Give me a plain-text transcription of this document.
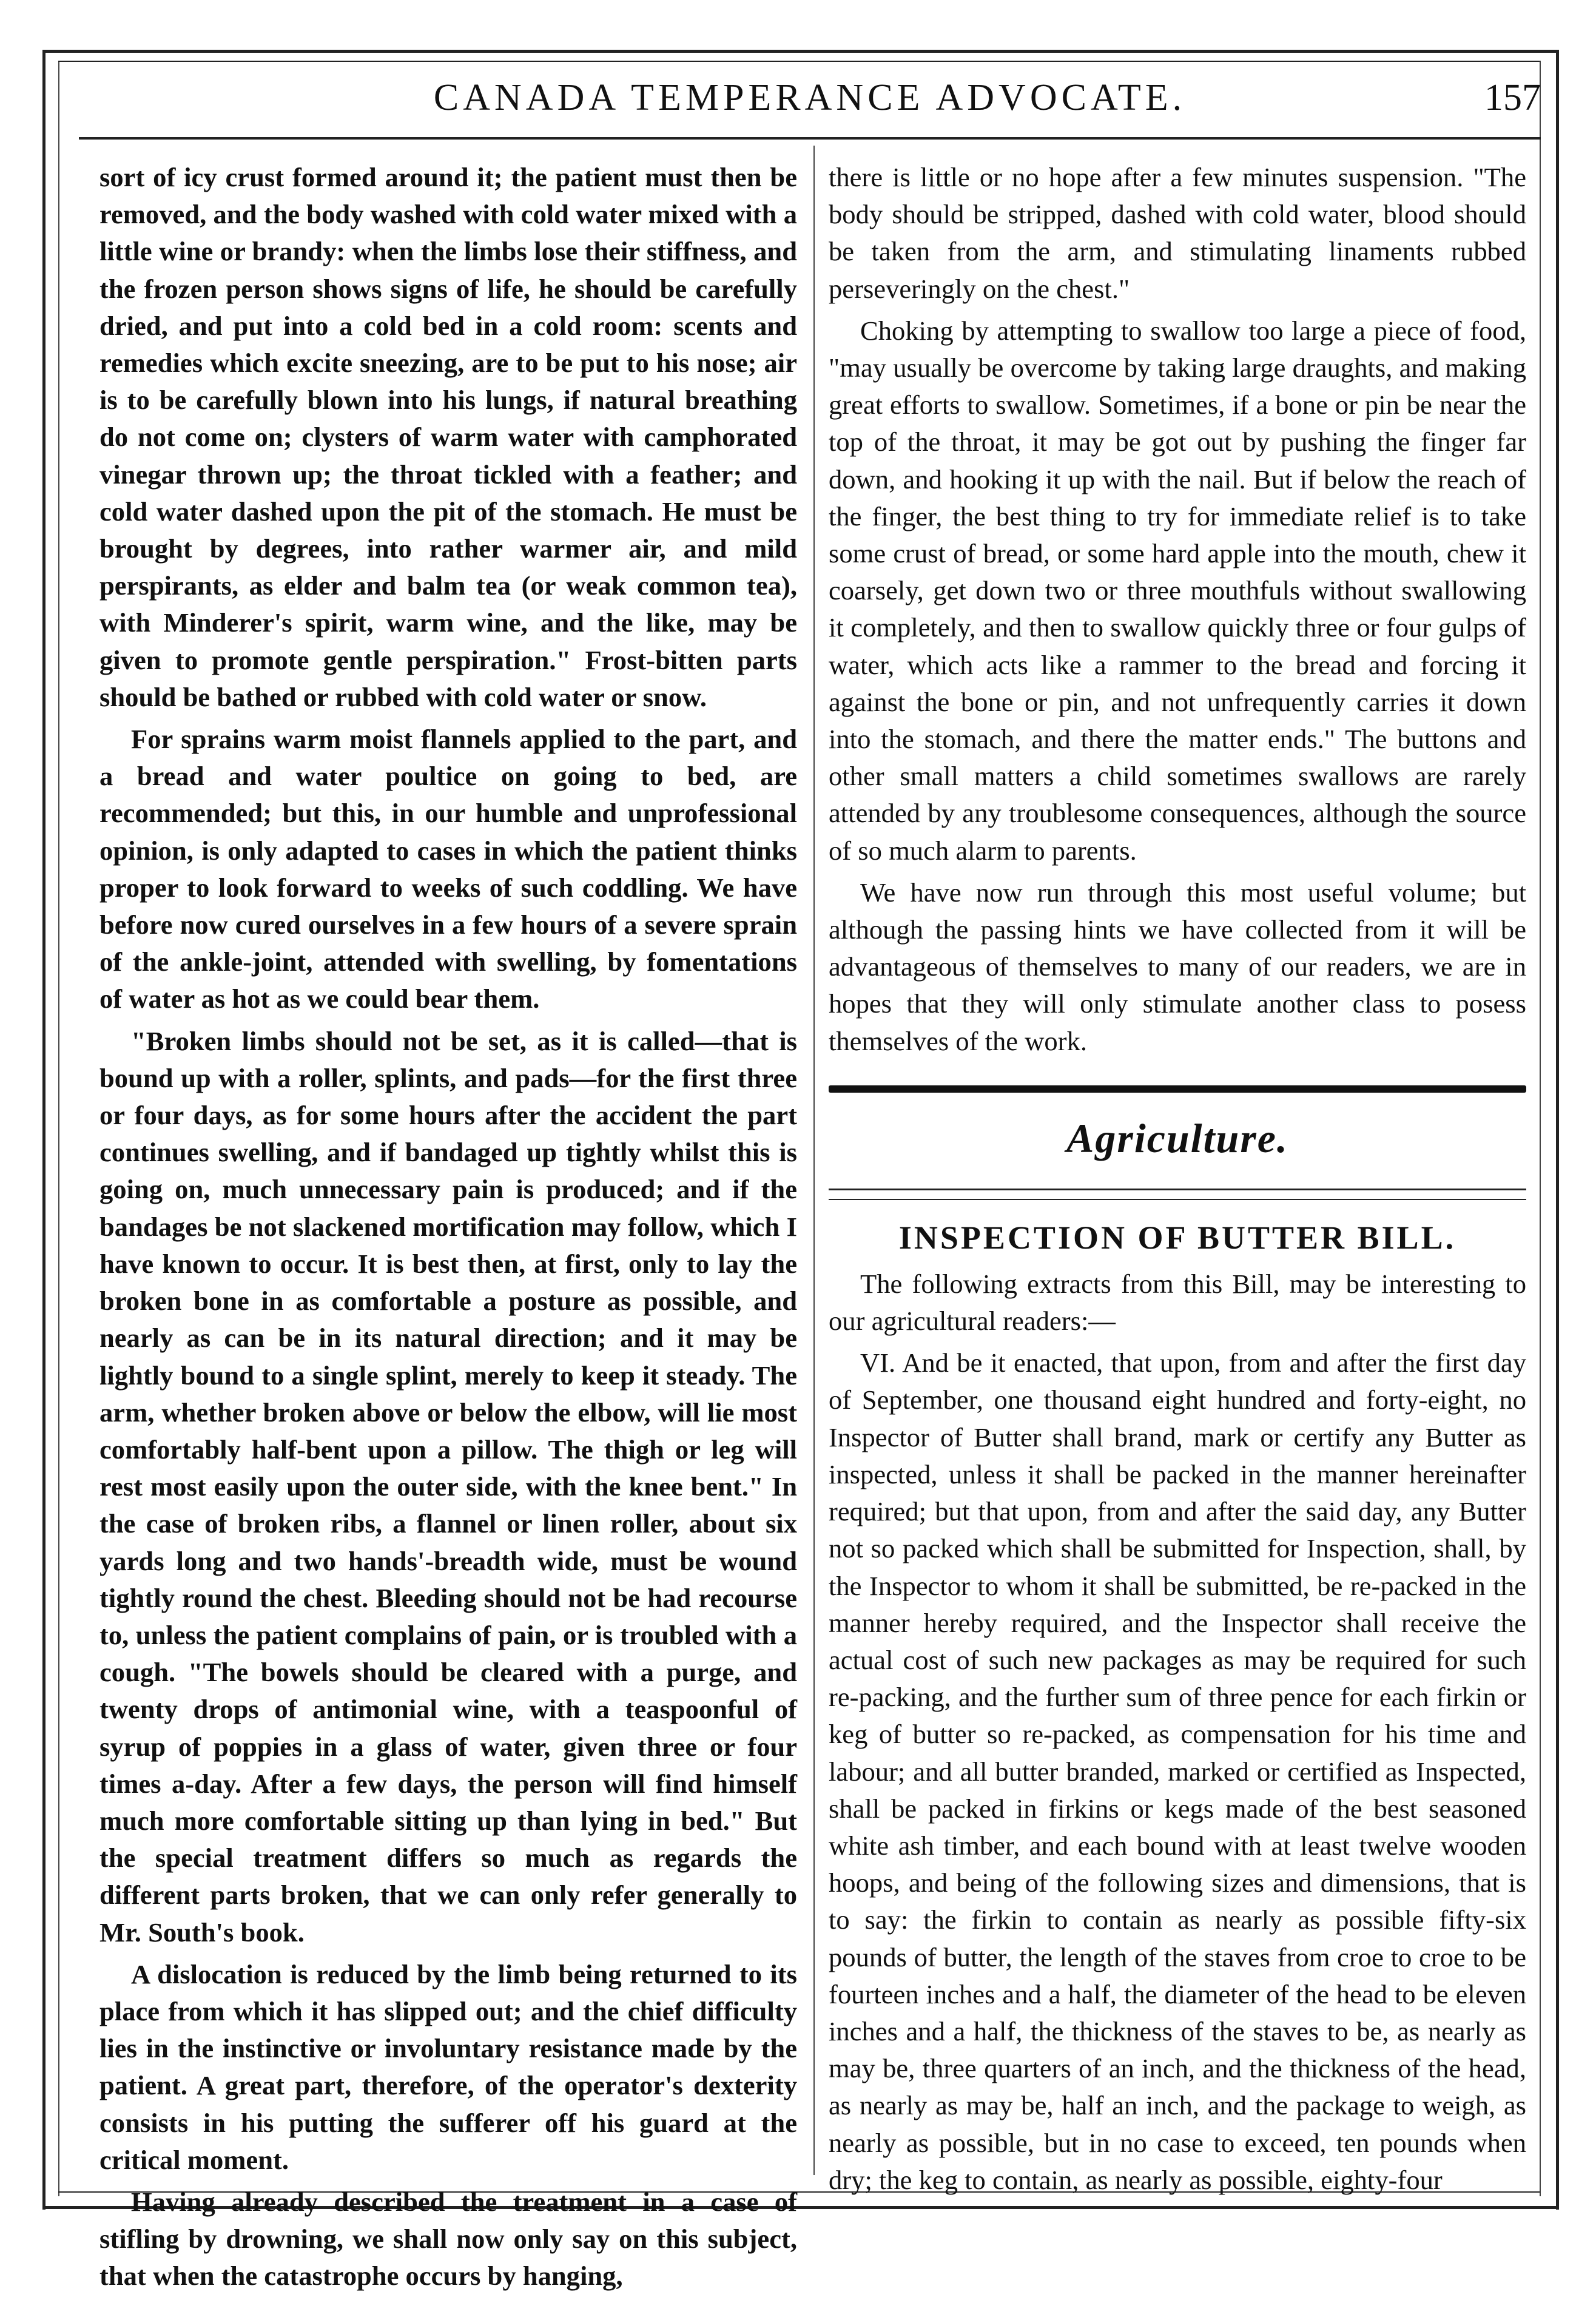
CANADA TEMPERANCE ADVOCATE.	157

sort of icy crust formed around it; the patient must then be removed, and the body washed with cold water mixed with a little wine or brandy: when the limbs lose their stiffness, and the frozen person shows signs of life, he should be carefully dried, and put into a cold bed in a cold room: scents and remedies which excite sneezing, are to be put to his nose; air is to be carefully blown into his lungs, if natural breathing do not come on; clysters of warm water with camphorated vinegar thrown up; the throat tickled with a feather; and cold water dashed upon the pit of the stomach. He must be brought by degrees, into rather warmer air, and mild perspirants, as elder and balm tea (or weak common tea), with Minderer's spirit, warm wine, and the like, may be given to promote gentle perspiration." Frost-bitten parts should be bathed or rubbed with cold water or snow.

For sprains warm moist flannels applied to the part, and a bread and water poultice on going to bed, are recommended; but this, in our humble and unprofessional opinion, is only adapted to cases in which the patient thinks proper to look forward to weeks of such coddling. We have before now cured ourselves in a few hours of a severe sprain of the ankle-joint, attended with swelling, by fomentations of water as hot as we could bear them.

"Broken limbs should not be set, as it is called—that is bound up with a roller, splints, and pads—for the first three or four days, as for some hours after the accident the part continues swelling, and if bandaged up tightly whilst this is going on, much unnecessary pain is produced; and if the bandages be not slackened mortification may follow, which I have known to occur. It is best then, at first, only to lay the broken bone in as comfortable a posture as possible, and nearly as can be in its natural direction; and it may be lightly bound to a single splint, merely to keep it steady. The arm, whether broken above or below the elbow, will lie most comfortably half-bent upon a pillow. The thigh or leg will rest most easily upon the outer side, with the knee bent." In the case of broken ribs, a flannel or linen roller, about six yards long and two hands'-breadth wide, must be wound tightly round the chest. Bleeding should not be had recourse to, unless the patient complains of pain, or is troubled with a cough. "The bowels should be cleared with a purge, and twenty drops of antimonial wine, with a teaspoonful of syrup of poppies in a glass of water, given three or four times a-day. After a few days, the person will find himself much more comfortable sitting up than lying in bed." But the special treatment differs so much as regards the different parts broken, that we can only refer generally to Mr. South's book.

A dislocation is reduced by the limb being returned to its place from which it has slipped out; and the chief difficulty lies in the instinctive or involuntary resistance made by the patient. A great part, therefore, of the operator's dexterity consists in his putting the sufferer off his guard at the critical moment.

Having already described the treatment in a case of stifling by drowning, we shall now only say on this subject, that when the catastrophe occurs by hanging,

there is little or no hope after a few minutes suspension. "The body should be stripped, dashed with cold water, blood should be taken from the arm, and stimulating linaments rubbed perseveringly on the chest."

Choking by attempting to swallow too large a piece of food, "may usually be overcome by taking large draughts, and making great efforts to swallow. Sometimes, if a bone or pin be near the top of the throat, it may be got out by pushing the finger far down, and hooking it up with the nail. But if below the reach of the finger, the best thing to try for immediate relief is to take some crust of bread, or some hard apple into the mouth, chew it coarsely, get down two or three mouthfuls without swallowing it completely, and then to swallow quickly three or four gulps of water, which acts like a rammer to the bread and forcing it against the bone or pin, and not unfrequently carries it down into the stomach, and there the matter ends." The buttons and other small matters a child sometimes swallows are rarely attended by any troublesome consequences, although the source of so much alarm to parents.

We have now run through this most useful volume; but although the passing hints we have collected from it will be advantageous of themselves to many of our readers, we are in hopes that they will only stimulate another class to posess themselves of the work.

Agriculture.
INSPECTION OF BUTTER BILL.

The following extracts from this Bill, may be interesting to our agricultural readers:—

VI. And be it enacted, that upon, from and after the first day of September, one thousand eight hundred and forty-eight, no Inspector of Butter shall brand, mark or certify any Butter as inspected, unless it shall be packed in the manner hereinafter required; but that upon, from and after the said day, any Butter not so packed which shall be submitted for Inspection, shall, by the Inspector to whom it shall be submitted, be re-packed in the manner hereby required, and the Inspector shall receive the actual cost of such new packages as may be required for such re-packing, and the further sum of three pence for each firkin or keg of butter so re-packed, as compensation for his time and labour; and all butter branded, marked or certified as Inspected, shall be packed in firkins or kegs made of the best seasoned white ash timber, and each bound with at least twelve wooden hoops, and being of the following sizes and dimensions, that is to say: the firkin to contain as nearly as possible fifty-six pounds of butter, the length of the staves from croe to croe to be fourteen inches and a half, the diameter of the head to be eleven inches and a half, the thickness of the staves to be, as nearly as may be, three quarters of an inch, and the thickness of the head, as nearly as may be, half an inch, and the package to weigh, as nearly as possible, but in no case to exceed, ten pounds when dry; the keg to contain, as nearly as possible, eighty-four
